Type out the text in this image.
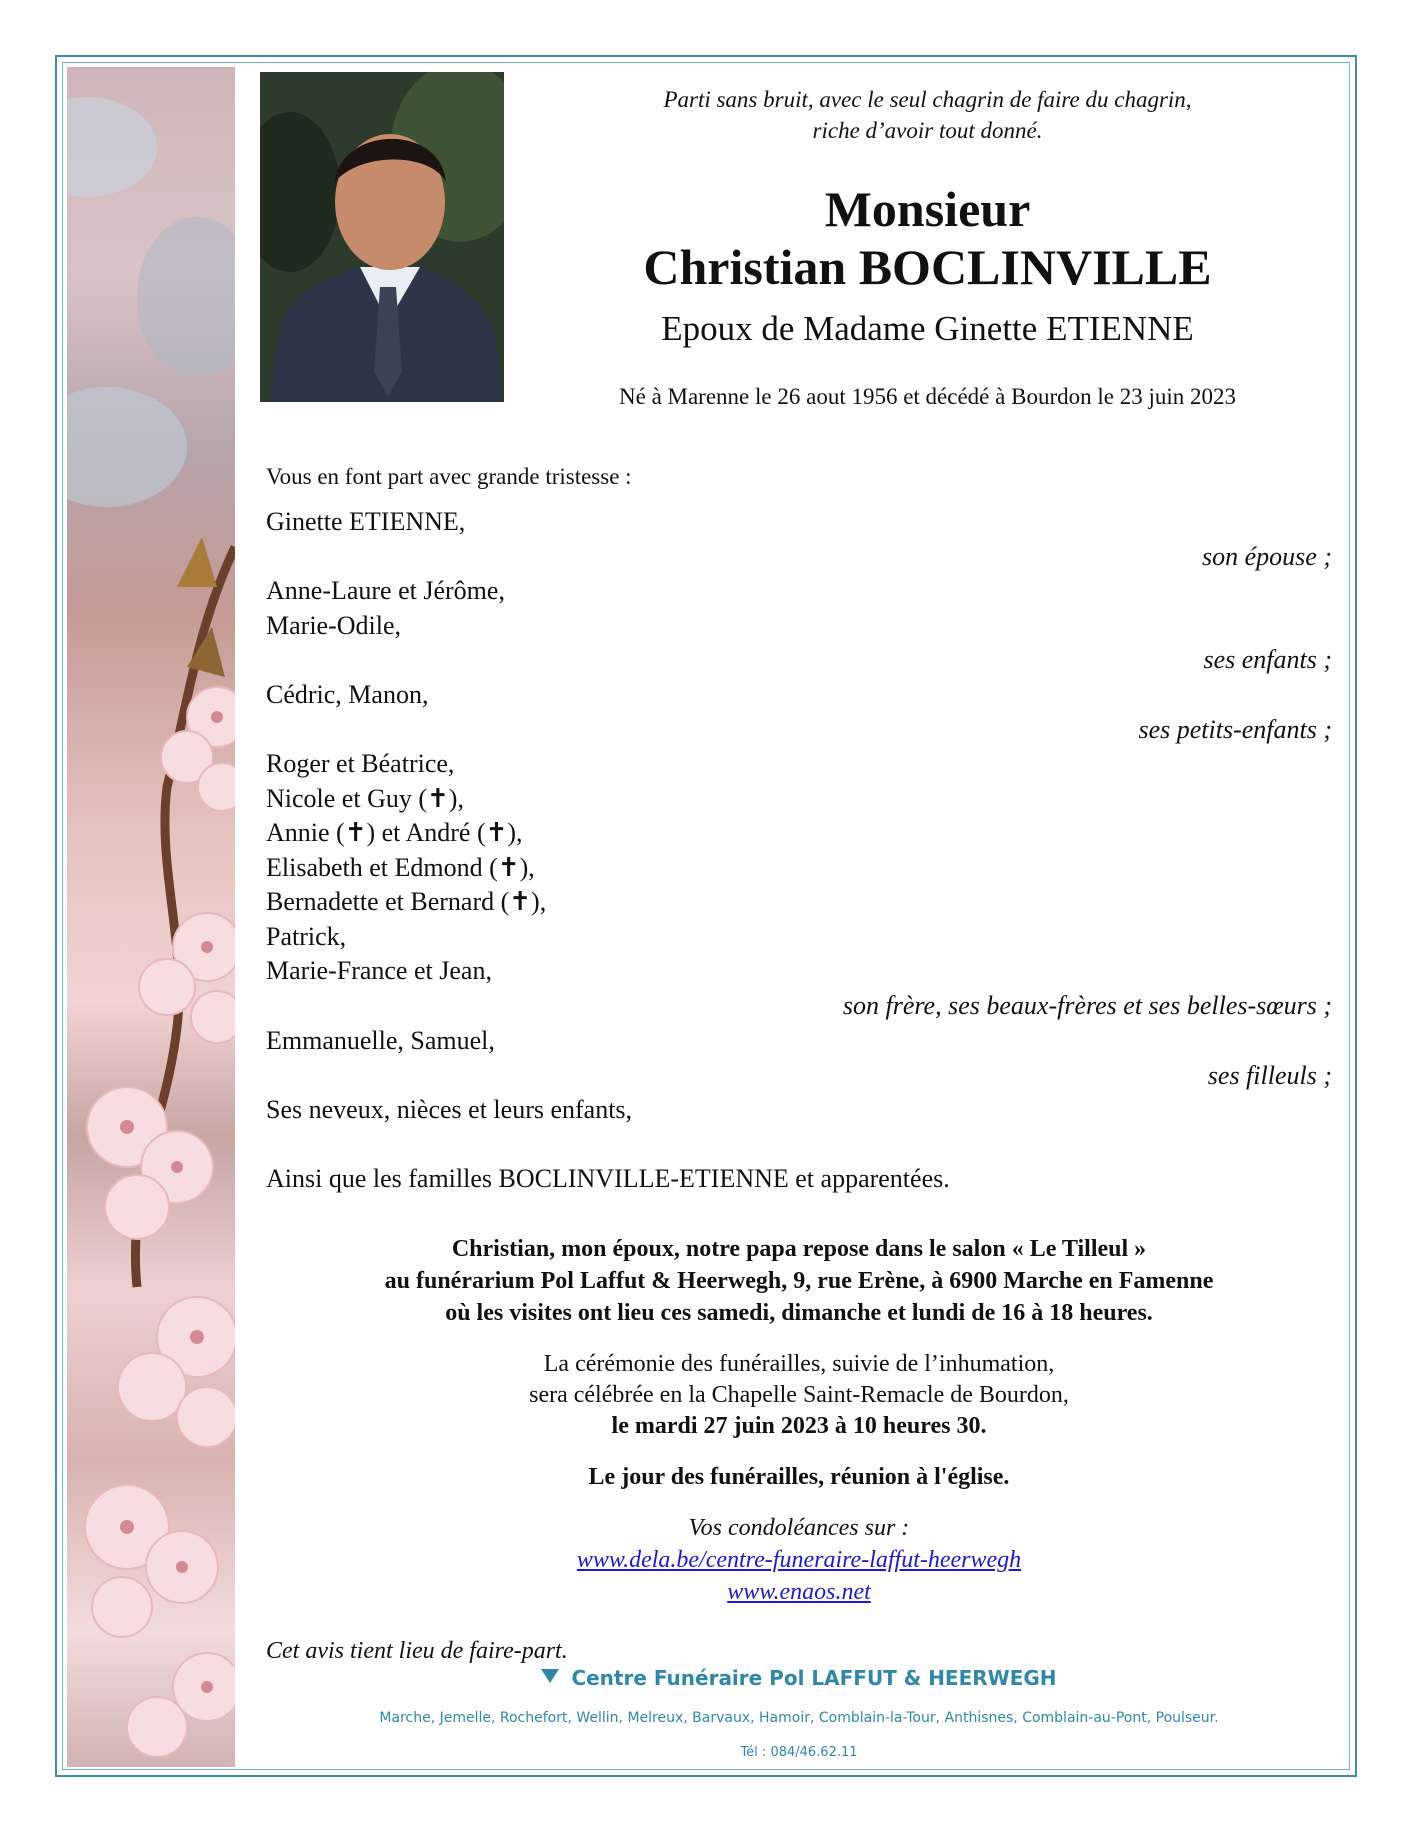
Parti sans bruit, avec le seul chagrin de faire du chagrin,
riche d’avoir tout donné.
Monsieur
Christian BOCLINVILLE
Epoux de Madame Ginette ETIENNE
Né à Marenne le 26 aout 1956 et décédé à Bourdon le 23 juin 2023
Vous en font part avec grande tristesse :
Ginette ETIENNE,
son épouse ;
Anne-Laure et Jérôme,
Marie-Odile,
ses enfants ;
Cédric, Manon,
ses petits-enfants ;
Roger et Béatrice,
Nicole et Guy (✝),
Annie (✝) et André (✝),
Elisabeth et Edmond (✝),
Bernadette et Bernard (✝),
Patrick,
Marie-France et Jean,
son frère, ses beaux-frères et ses belles-sœurs ;
Emmanuelle, Samuel,
ses filleuls ;
Ses neveux, nièces et leurs enfants,
Ainsi que les familles BOCLINVILLE-ETIENNE et apparentées.
Christian, mon époux, notre papa repose dans le salon « Le Tilleul »
au funérarium Pol Laffut & Heerwegh, 9, rue Erène, à 6900 Marche en Famenne
où les visites ont lieu ces samedi, dimanche et lundi de 16 à 18 heures.
La cérémonie des funérailles, suivie de l’inhumation,
sera célébrée en la Chapelle Saint-Remacle de Bourdon,
le mardi 27 juin 2023 à 10 heures 30.
Le jour des funérailles, réunion à l'église.
Vos condoléances sur :
www.dela.be/centre-funeraire-laffut-heerwegh
www.enaos.net
Cet avis tient lieu de faire-part.
Centre Funéraire Pol LAFFUT & HEERWEGH
Marche, Jemelle, Rochefort, Wellin, Melreux, Barvaux, Hamoir, Comblain-la-Tour, Anthisnes, Comblain-au-Pont, Poulseur.
Tél : 084/46.62.11
